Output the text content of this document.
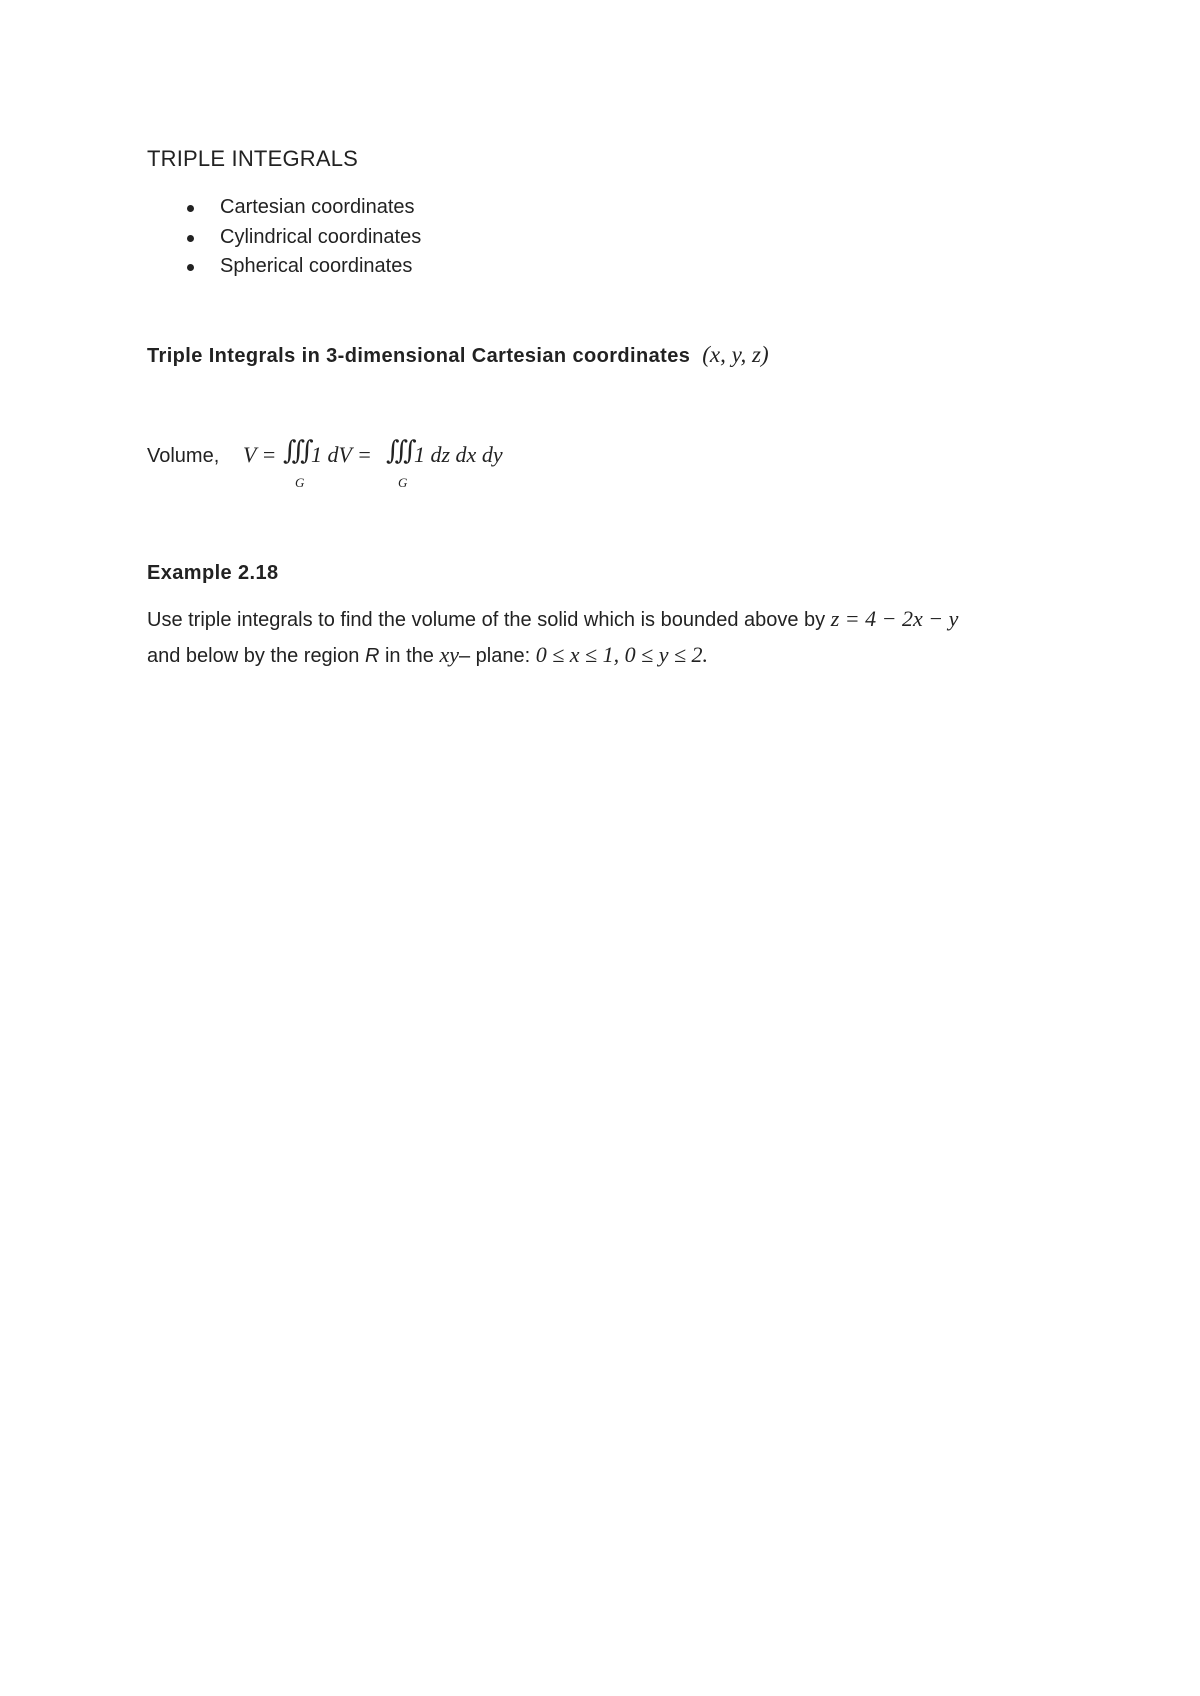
TRIPLE INTEGRALS
Cartesian coordinates
Cylindrical coordinates
Spherical coordinates
Triple Integrals in 3-dimensional Cartesian coordinates (x, y, z)
Volume, V = ∭
G
1 dV = ∭
G
1 dz dx dy
Example 2.18
Use triple integrals to find the volume of the solid which is bounded above by z = 4 − 2x − y
and below by the region R in the xy– plane: 0 ≤ x ≤ 1, 0 ≤ y ≤ 2.
